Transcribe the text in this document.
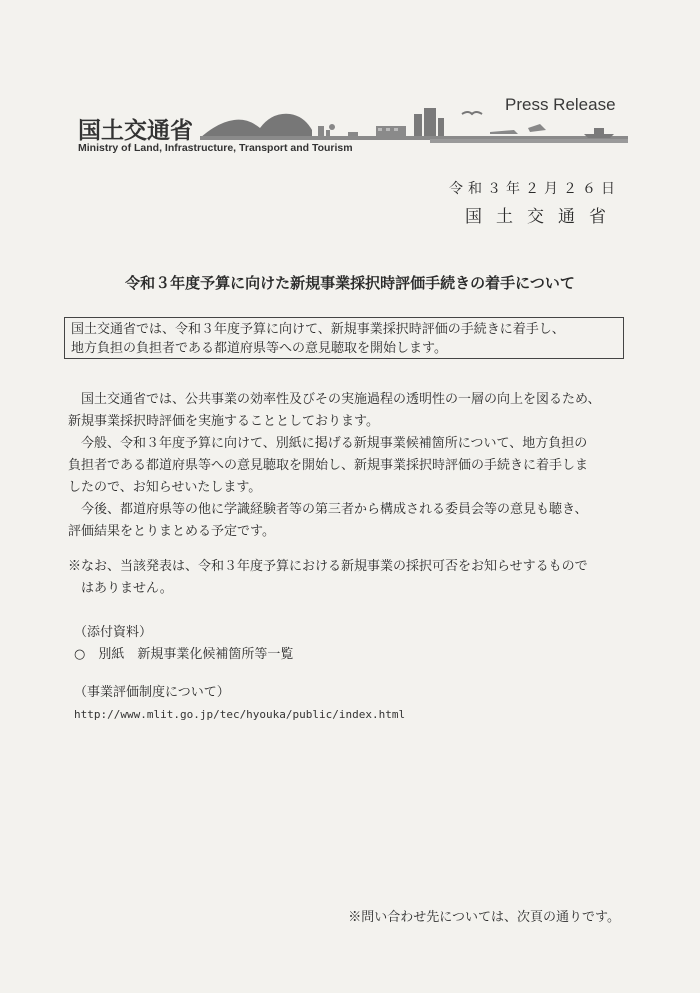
国土交通省
Ministry of Land, Infrastructure, Transport and Tourism
Press Release
令和３年２月２６日
国土交通省
令和３年度予算に向けた新規事業採択時評価手続きの着手について
国土交通省では、令和３年度予算に向けて、新規事業採択時評価の手続きに着手し、
地方負担の負担者である都道府県等への意見聴取を開始します。
　国土交通省では、公共事業の効率性及びその実施過程の透明性の一層の向上を図るため、
新規事業採択時評価を実施することとしております。
　今般、令和３年度予算に向けて、別紙に掲げる新規事業候補箇所について、地方負担の
負担者である都道府県等への意見聴取を開始し、新規事業採択時評価の手続きに着手しま
したので、お知らせいたします。
　今後、都道府県等の他に学識経験者等の第三者から構成される委員会等の意見も聴き、
評価結果をとりまとめる予定です。
※なお、当該発表は、令和３年度予算における新規事業の採択可否をお知らせするもので
　はありません。
（添付資料）
○　別紙　新規事業化候補箇所等一覧
（事業評価制度について）
http://www.mlit.go.jp/tec/hyouka/public/index.html
※問い合わせ先については、次頁の通りです。
